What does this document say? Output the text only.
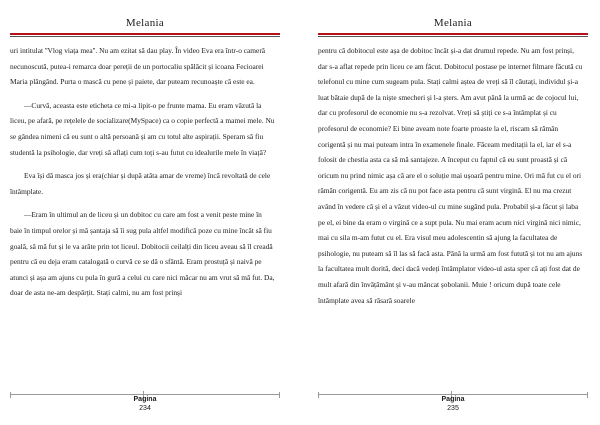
Melania

uri intitulat ''Vlog viața mea''. Nu am ezitat să dau play. În video Eva era într-o cameră necunoscută, putea-i remarca doar pereții de un portocaliu spălăcit și icoana Fecioarei Maria plângând. Purta o mască cu pene și paiete, dar puteam recunoaște că este ea.

—Curvă, aceasta este eticheta ce mi-a lipit-o pe frunte mama. Eu eram văzută la liceu, pe afară, pe rețelele de socializare(MySpace) ca o copie perfectă a mamei mele. Nu se gândea nimeni că eu sunt o altă persoană și am cu totul alte aspirații. Speram să fiu studentă la psihologie, dar vreți să aflați cum toți s-au futut cu idealurile mele în viață?

Eva își dă masca jos și era(chiar și după atâta amar de vreme) încă revoltată de cele întâmplate.

—Eram în ultimul an de liceu și un dobitoc cu care am fost a venit peste mine în baie în timpul orelor și mă șantaja să îi sug pula altfel modifică poze cu mine încât să fiu goală, să mă fut și le va arăte prin tot liceul. Dobitocii ceilalți din liceu aveau să îl creadă pentru că eu deja eram catalogată o curvă ce se dă o sfântă. Eram prostuță și naivă pe atunci și așa am ajuns cu pula în gură a celui cu care nici măcar nu am vrut să mă fut. Da, doar de asta ne-am despărțit. Stați calmi, nu am fost prinși

Pagina
234
Melania

pentru că dobitocul este așa de dobitoc încât și-a dat drumul repede. Nu am fost prinși, dar s-a aflat repede prin liceu ce am făcut. Dobitocul postase pe internet filmare făcută cu telefonul cu mine cum sugeam pula. Stați calmi aștea de vreți să îl căutați, individul și-a luat bătaie după de la niște smecheri și l-a șters. Am avut până la urmă ac de cojocul lui, dar cu profesorul de economie nu s-a rezolvat. Vreți să știți ce s-a întâmplat și cu profesorul de economie? Ei bine aveam note foarte proaste la el, riscam să rămân corigentă și nu mai puteam intra în examenele finale. Făceam meditații la el, iar el s-a folosit de chestia asta ca să mă santajeze. A început cu faptul că eu sunt proastă și că oricum nu prind nimic așa că are el o soluție mai ușoară pentru mine. Ori mă fut cu el ori rămân corigentă. Eu am zis că nu pot face asta pentru că sunt virgină. El nu ma crezut având în vedere că și el a văzut video-ul cu mine sugând pula. Probabil și-a făcut și laba pe el, ei bine da eram o virgină ce a supt pula. Nu mai eram acum nici virgină nici nimic, mai cu sila m-am futut cu el. Era visul meu adolescentin să ajung la facultatea de psihologie, nu puteam să îl las să facă asta. Până la urmă am fost futută și tot nu am ajuns la facultatea mult dorită, deci dacă vedeți întâmplator video-ul asta sper că ați fost dat de mult afară din învățământ și v-au mâncat șobolanii. Muie ! oricum după toate cele întâmplate avea să răsară soarele

Pagina
235
